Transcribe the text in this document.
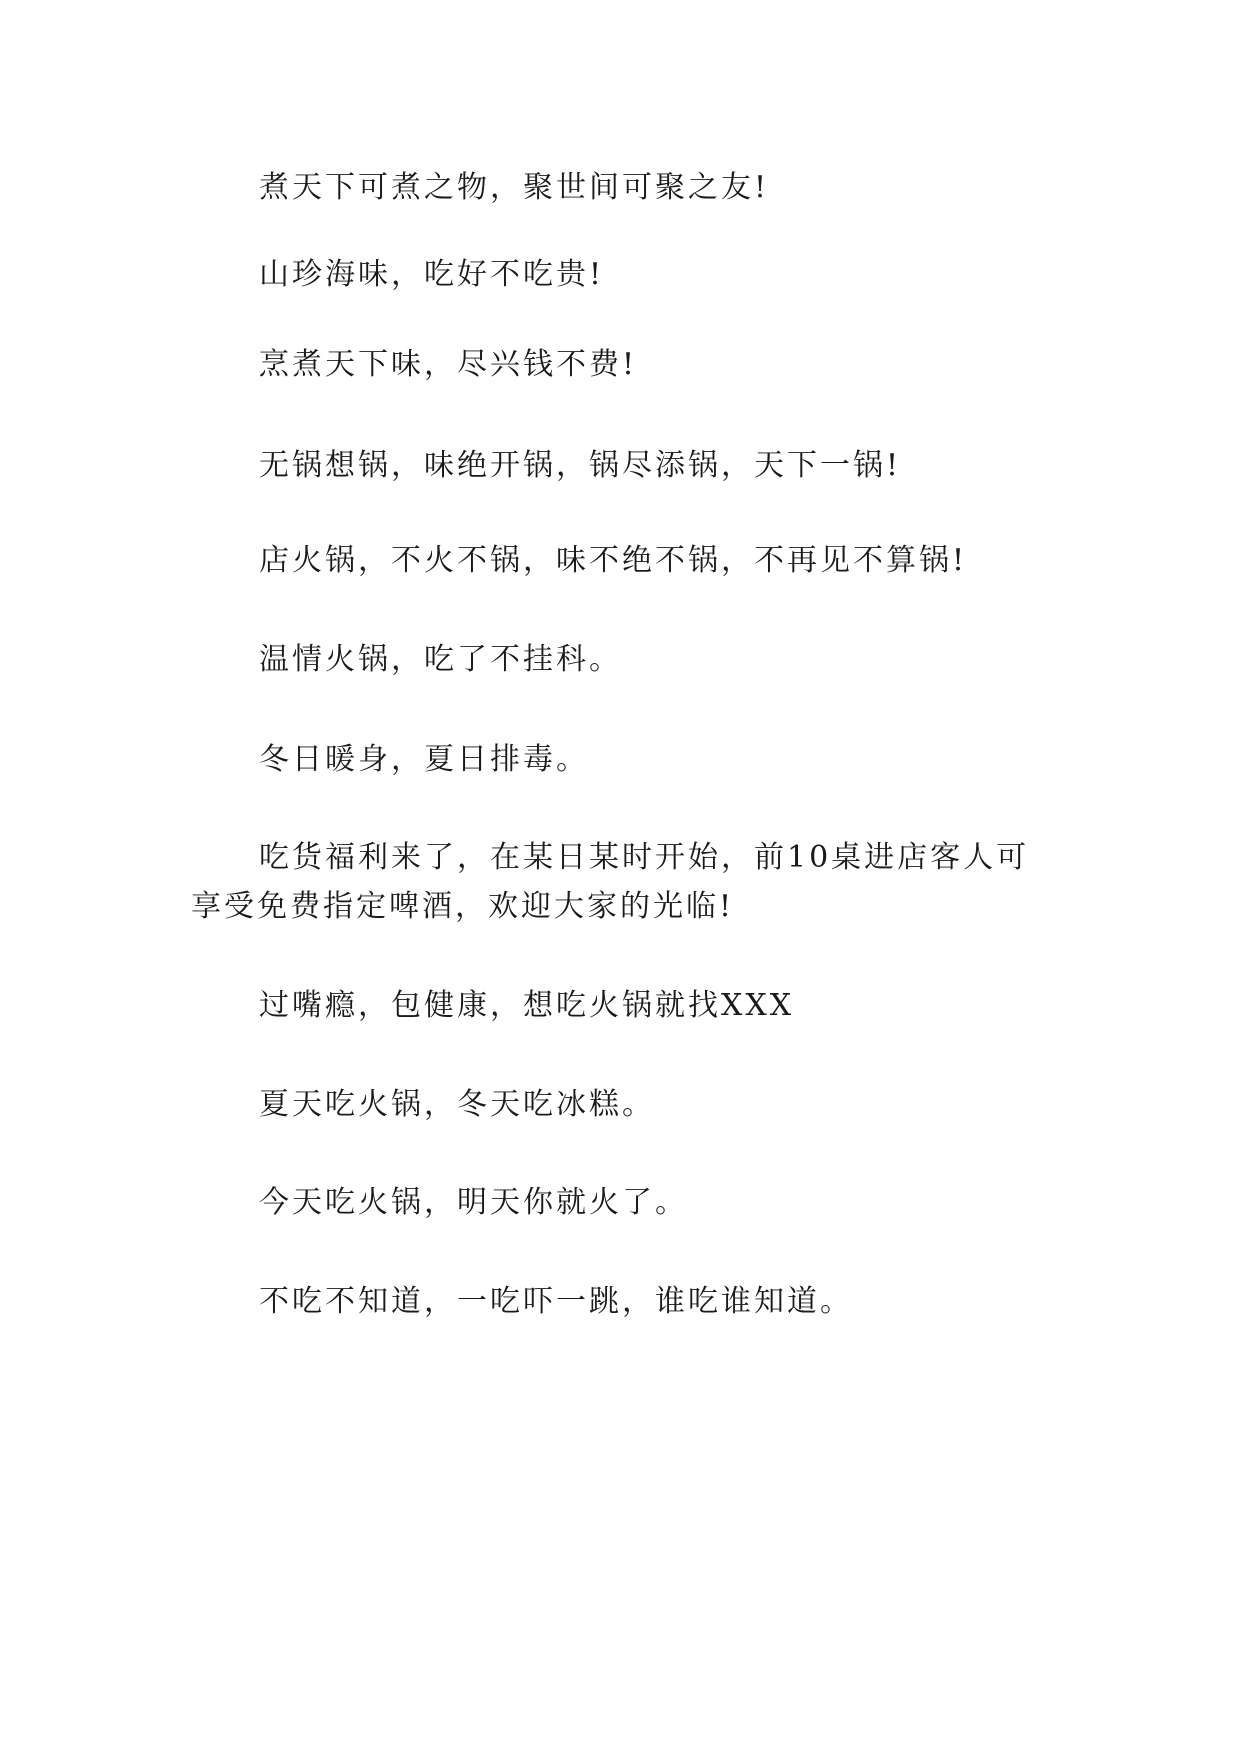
煮天下可煮之物，聚世间可聚之友!

山珍海味，吃好不吃贵!

烹煮天下味，尽兴钱不费!

无锅想锅，味绝开锅，锅尽添锅，天下一锅!

店火锅，不火不锅，味不绝不锅，不再见不算锅!

温情火锅，吃了不挂科。

冬日暖身，夏日排毒。

吃货福利来了，在某日某时开始，前10桌进店客人可

享受免费指定啤酒，欢迎大家的光临!

过嘴瘾，包健康，想吃火锅就找XXX

夏天吃火锅，冬天吃冰糕。

今天吃火锅，明天你就火了。

不吃不知道，一吃吓一跳，谁吃谁知道。
